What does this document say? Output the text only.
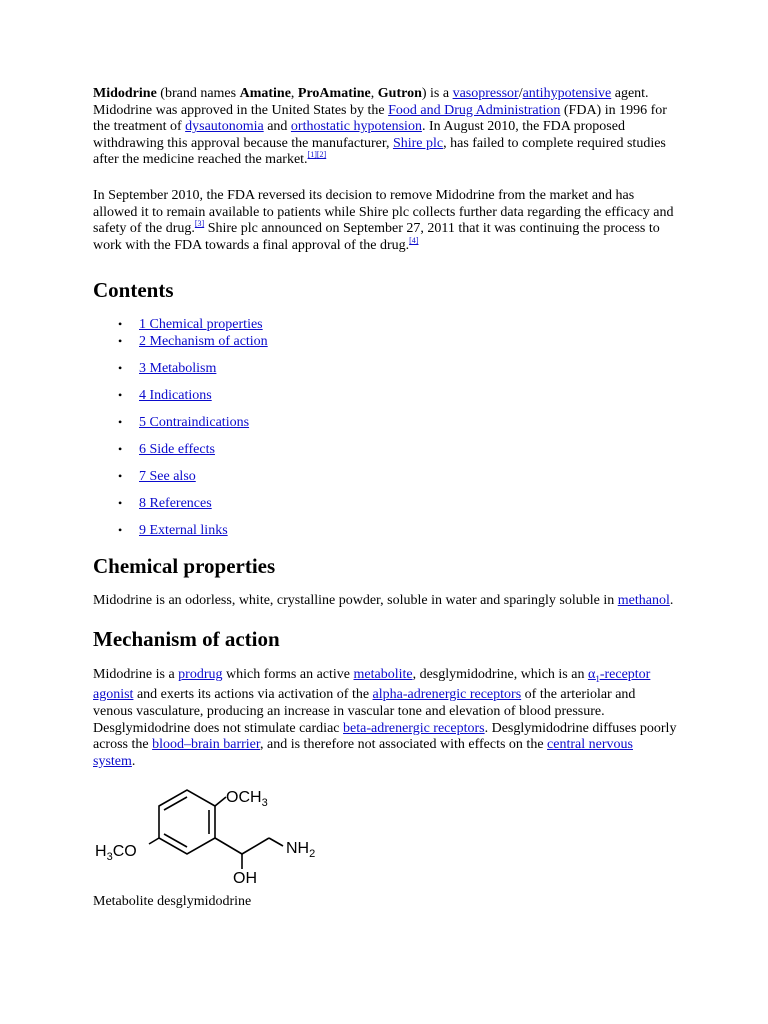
Midodrine (brand names Amatine, ProAmatine, Gutron) is a vasopressor/antihypotensive agent. Midodrine was approved in the United States by the Food and Drug Administration (FDA) in 1996 for the treatment of dysautonomia and orthostatic hypotension. In August 2010, the FDA proposed withdrawing this approval because the manufacturer, Shire plc, has failed to complete required studies after the medicine reached the market.[1][2]

In September 2010, the FDA reversed its decision to remove Midodrine from the market and has allowed it to remain available to patients while Shire plc collects further data regarding the efficacy and safety of the drug.[3] Shire plc announced on September 27, 2011 that it was continuing the process to work with the FDA towards a final approval of the drug.[4]

Contents
• 1 Chemical properties
• 2 Mechanism of action
• 3 Metabolism
• 4 Indications
• 5 Contraindications
• 6 Side effects
• 7 See also
• 8 References
• 9 External links
Chemical properties

Midodrine is an odorless, white, crystalline powder, soluble in water and sparingly soluble in methanol.

Mechanism of action

Midodrine is a prodrug which forms an active metabolite, desglymidodrine, which is an $\alpha_1$-receptor agonist and exerts its actions via activation of the alpha-adrenergic receptors of the arteriolar and venous vasculature, producing an increase in vascular tone and elevation of blood pressure. Desglymidodrine does not stimulate cardiac beta-adrenergic receptors. Desglymidodrine diffuses poorly across the blood–brain barrier, and is therefore not associated with effects on the central nervous system.

$OCH_3$
$H_3CO$	$NH_2$
OH

Metabolite desglymidodrine
